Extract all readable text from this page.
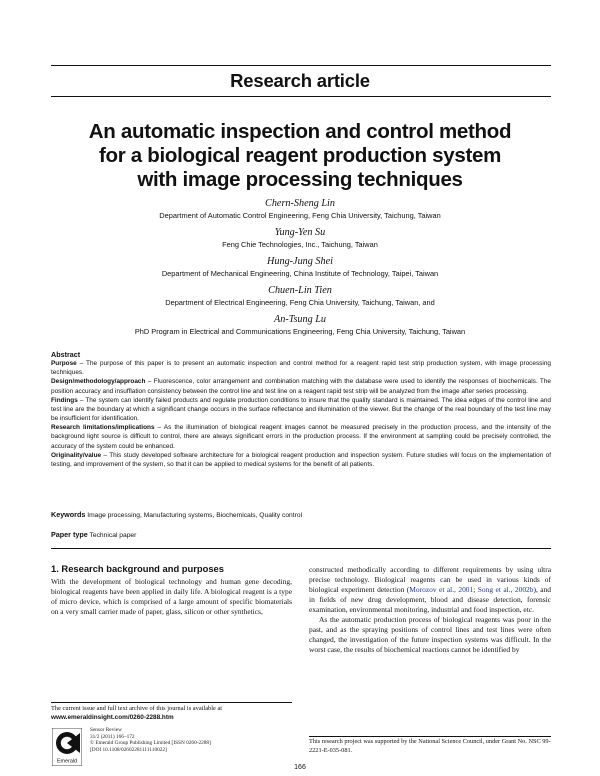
Research article
An automatic inspection and control method
for a biological reagent production system
with image processing techniques
Chern-Sheng Lin
Department of Automatic Control Engineering, Feng Chia University, Taichung, Taiwan
Yung-Yen Su
Feng Chie Technologies, Inc., Taichung, Taiwan
Hung-Jung Shei
Department of Mechanical Engineering, China Institute of Technology, Taipei, Taiwan
Chuen-Lin Tien
Department of Electrical Engineering, Feng Chia University, Taichung, Taiwan, and
An-Tsung Lu
PhD Program in Electrical and Communications Engineering, Feng Chia University, Taichung, Taiwan
Abstract

Purpose – The purpose of this paper is to present an automatic inspection and control method for a reagent rapid test strip production system, with image processing techniques.

Design/methodology/approach – Fluorescence, color arrangement and combination matching with the database were used to identify the responses of biochemicals. The position accuracy and insufflation consistency between the control line and test line on a reagent rapid test strip will be analyzed from the image after series processing.

Findings – The system can identify failed products and regulate production conditions to insure that the quality standard is maintained. The idea edges of the control line and test line are the boundary at which a significant change occurs in the surface reflectance and illumination of the viewer. But the change of the real boundary of the test line may be insufficient for identification.

Research limitations/implications – As the illumination of biological reagent images cannot be measured precisely in the production process, and the intensity of the background light source is difficult to control, there are always significant errors in the production process. If the environment at sampling could be precisely controlled, the accuracy of the system could be enhanced.

Originality/value – This study developed software architecture for a biological reagent production and inspection system. Future studies will focus on the implementation of testing, and improvement of the system, so that it can be applied to medical systems for the benefit of all patients.

Keywords Image processing, Manufacturing systems, Biochemicals, Quality control
Paper type Technical paper
1. Research background and purposes

With the development of biological technology and human gene decoding, biological reagents have been applied in daily life. A biological reagent is a type of micro device, which is comprised of a large amount of specific biomaterials on a very small carrier made of paper, glass, silicon or other synthetics,

constructed methodically according to different requirements by using ultra precise technology. Biological reagents can be used in various kinds of biological experiment detection (Morozov et al., 2001; Song et al., 2002b), and in fields of new drug development, blood and disease detection, forensic examination, environmental monitoring, industrial and food inspection, etc.

As the automatic production process of biological reagents was poor in the past, and as the spraying positions of control lines and test lines were often changed, the investigation of the future inspection systems was difficult. In the worst case, the results of biochemical reactions cannot be identified by

The current issue and full text archive of this journal is available at
www.emeraldinsight.com/0260-2288.htm
Emerald
Sensor Review
31/2 (2011) 166–172
© Emerald Group Publishing Limited [ISSN 0260-2288]
[DOI 10.1108/02602281111110022]
This research project was supported by the National Science Council, under Grant No. NSC 99-2221-E-035-081.
166
